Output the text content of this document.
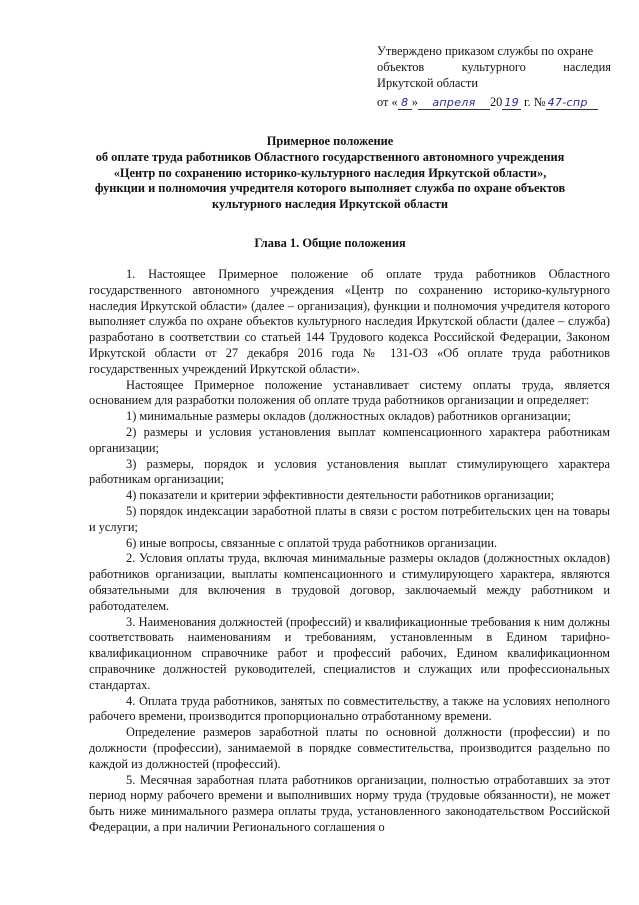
Утверждено приказом службы по охране
объектов культурного наследия
Иркутской области
от « 8 »	апреля	20 19 г. № 47-спр
Примерное положение
об оплате труда работников Областного государственного автономного учреждения
«Центр по сохранению историко-культурного наследия Иркутской области»,
функции и полномочия учредителя которого выполняет служба по охране объектов
культурного наследия Иркутской области
Глава 1. Общие положения

1. Настоящее Примерное положение об оплате труда работников Областного государственного автономного учреждения «Центр по сохранению историко-культурного наследия Иркутской области» (далее – организация), функции и полномочия учредителя которого выполняет служба по охране объектов культурного наследия Иркутской области (далее – служба) разработано в соответствии со статьей 144 Трудового кодекса Российской Федерации, Законом Иркутской области от 27 декабря 2016 года № 131-ОЗ «Об оплате труда работников государственных учреждений Иркутской области».

Настоящее Примерное положение устанавливает систему оплаты труда, является основанием для разработки положения об оплате труда работников организации и определяет:

1) минимальные размеры окладов (должностных окладов) работников организации;

2) размеры и условия установления выплат компенсационного характера работникам организации;

3) размеры, порядок и условия установления выплат стимулирующего характера работникам организации;

4) показатели и критерии эффективности деятельности работников организации;

5) порядок индексации заработной платы в связи с ростом потребительских цен на товары и услуги;

6) иные вопросы, связанные с оплатой труда работников организации.

2. Условия оплаты труда, включая минимальные размеры окладов (должностных окладов) работников организации, выплаты компенсационного и стимулирующего характера, являются обязательными для включения в трудовой договор, заключаемый между работником и работодателем.

3. Наименования должностей (профессий) и квалификационные требования к ним должны соответствовать наименованиям и требованиям, установленным в Едином тарифно-квалификационном справочнике работ и профессий рабочих, Едином квалификационном справочнике должностей руководителей, специалистов и служащих или профессиональных стандартах.

4. Оплата труда работников, занятых по совместительству, а также на условиях неполного рабочего времени, производится пропорционально отработанному времени.

Определение размеров заработной платы по основной должности (профессии) и по должности (профессии), занимаемой в порядке совместительства, производится раздельно по каждой из должностей (профессий).

5. Месячная заработная плата работников организации, полностью отработавших за этот период норму рабочего времени и выполнивших норму труда (трудовые обязанности), не может быть ниже минимального размера оплаты труда, установленного законодательством Российской Федерации, а при наличии Регионального соглашения о
